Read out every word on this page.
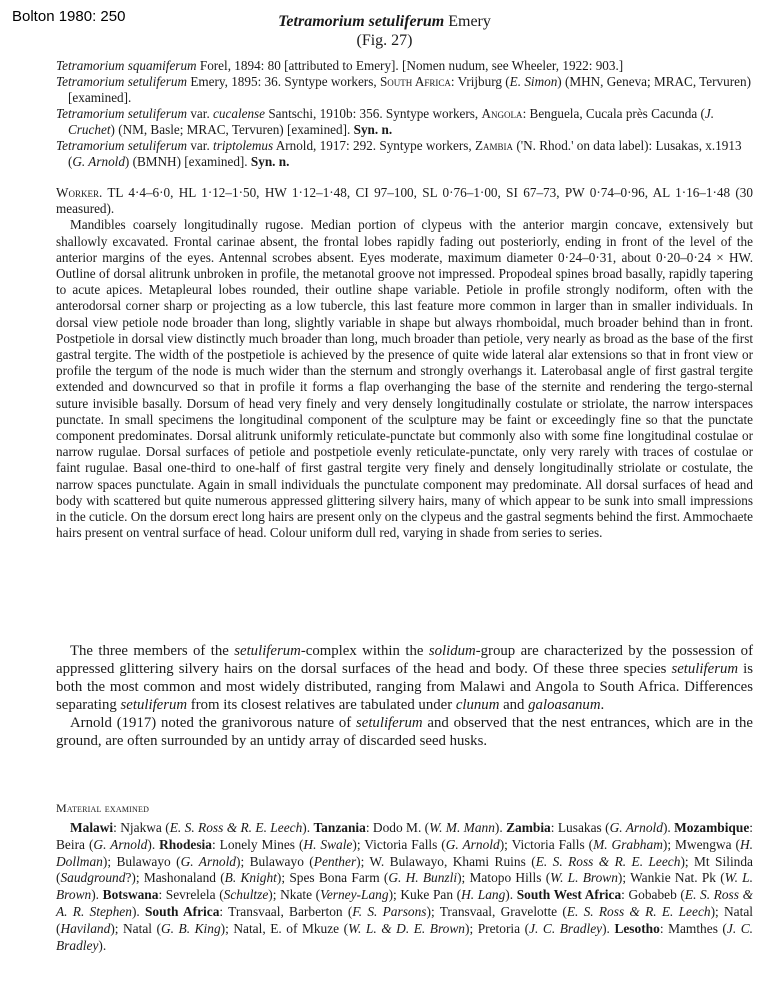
Bolton 1980: 250	Tetramorium setuliferum Emery
(Fig. 27)

Tetramorium squamiferum Forel, 1894: 80 [attributed to Emery]. [Nomen nudum, see Wheeler, 1922: 903.]

Tetramorium setuliferum Emery, 1895: 36. Syntype workers, South Africa: Vrijburg (E. Simon) (MHN, Geneva; MRAC, Tervuren) [examined].

Tetramorium setuliferum var. cucalense Santschi, 1910b: 356. Syntype workers, Angola: Benguela, Cucala près Cacunda (J. Cruchet) (NM, Basle; MRAC, Tervuren) [examined]. Syn. n.

Tetramorium setuliferum var. triptolemus Arnold, 1917: 292. Syntype workers, Zambia ('N. Rhod.' on data label): Lusakas, x.1913 (G. Arnold) (BMNH) [examined]. Syn. n.

Worker. TL 4·4–6·0, HL 1·12–1·50, HW 1·12–1·48, CI 97–100, SL 0·76–1·00, SI 67–73, PW 0·74–0·96, AL 1·16–1·48 (30 measured).

Mandibles coarsely longitudinally rugose. Median portion of clypeus with the anterior margin concave, extensively but shallowly excavated. Frontal carinae absent, the frontal lobes rapidly fading out posteriorly, ending in front of the level of the anterior margins of the eyes. Antennal scrobes absent. Eyes moderate, maximum diameter 0·24–0·31, about 0·20–0·24 × HW. Outline of dorsal alitrunk unbroken in profile, the metanotal groove not impressed. Propodeal spines broad basally, rapidly tapering to acute apices. Metapleural lobes rounded, their outline shape variable. Petiole in profile strongly nodiform, often with the anterodorsal corner sharp or projecting as a low tubercle, this last feature more common in larger than in smaller individuals. In dorsal view petiole node broader than long, slightly variable in shape but always rhomboidal, much broader behind than in front. Postpetiole in dorsal view distinctly much broader than long, much broader than petiole, very nearly as broad as the base of the first gastral tergite. The width of the postpetiole is achieved by the presence of quite wide lateral alar extensions so that in front view or profile the tergum of the node is much wider than the sternum and strongly overhangs it. Laterobasal angle of first gastral tergite extended and downcurved so that in profile it forms a flap overhanging the base of the sternite and rendering the tergo-sternal suture invisible basally. Dorsum of head very finely and very densely longitudinally costulate or striolate, the narrow interspaces punctate. In small specimens the longitudinal component of the sculpture may be faint or exceedingly fine so that the punctate component predominates. Dorsal alitrunk uniformly reticulate-punctate but commonly also with some fine longitudinal costulae or narrow rugulae. Dorsal surfaces of petiole and postpetiole evenly reticulate-punctate, only very rarely with traces of costulae or faint rugulae. Basal one-third to one-half of first gastral tergite very finely and densely longitudinally striolate or costulate, the narrow spaces punctulate. Again in small individuals the punctulate component may predominate. All dorsal surfaces of head and body with scattered but quite numerous appressed glittering silvery hairs, many of which appear to be sunk into small impressions in the cuticle. On the dorsum erect long hairs are present only on the clypeus and the gastral segments behind the first. Ammochaete hairs present on ventral surface of head. Colour uniform dull red, varying in shade from series to series.

The three members of the setuliferum-complex within the solidum-group are characterized by the possession of appressed glittering silvery hairs on the dorsal surfaces of the head and body. Of these three species setuliferum is both the most common and most widely distributed, ranging from Malawi and Angola to South Africa. Differences separating setuliferum from its closest relatives are tabulated under clunum and galoasanum.

Arnold (1917) noted the granivorous nature of setuliferum and observed that the nest entrances, which are in the ground, are often surrounded by an untidy array of discarded seed husks.

Material examined

Malawi: Njakwa (E. S. Ross & R. E. Leech). Tanzania: Dodo M. (W. M. Mann). Zambia: Lusakas (G. Arnold). Mozambique: Beira (G. Arnold). Rhodesia: Lonely Mines (H. Swale); Victoria Falls (G. Arnold); Victoria Falls (M. Grabham); Mwengwa (H. Dollman); Bulawayo (G. Arnold); Bulawayo (Penther); W. Bulawayo, Khami Ruins (E. S. Ross & R. E. Leech); Mt Silinda (Saudground?); Mashonaland (B. Knight); Spes Bona Farm (G. H. Bunzli); Matopo Hills (W. L. Brown); Wankie Nat. Pk (W. L. Brown). Botswana: Sevrelela (Schultze); Nkate (Verney-Lang); Kuke Pan (H. Lang). South West Africa: Gobabeb (E. S. Ross & A. R. Stephen). South Africa: Transvaal, Barberton (F. S. Parsons); Transvaal, Gravelotte (E. S. Ross & R. E. Leech); Natal (Haviland); Natal (G. B. King); Natal, E. of Mkuze (W. L. & D. E. Brown); Pretoria (J. C. Bradley). Lesotho: Mamthes (J. C. Bradley).
